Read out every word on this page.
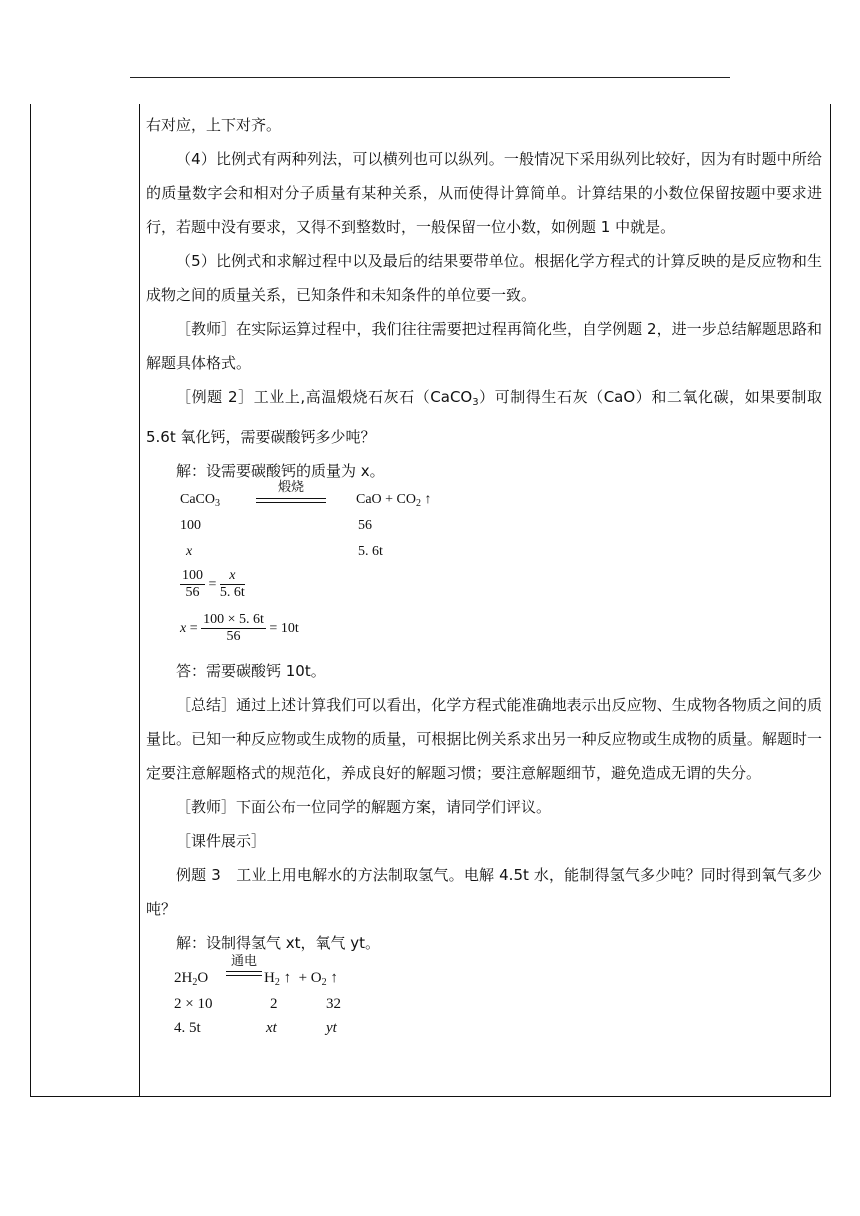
右对应，上下对齐。

（4）比例式有两种列法，可以横列也可以纵列。一般情况下采用纵列比较好，因为有时题中所给的质量数字会和相对分子质量有某种关系，从而使得计算简单。计算结果的小数位保留按题中要求进行，若题中没有要求，又得不到整数时，一般保留一位小数，如例题 1 中就是。

（5）比例式和求解过程中以及最后的结果要带单位。根据化学方程式的计算反映的是反应物和生成物之间的质量关系，已知条件和未知条件的单位要一致。

［教师］在实际运算过程中，我们往往需要把过程再简化些，自学例题 2，进一步总结解题思路和解题具体格式。

［例题 2］工业上,高温煅烧石灰石（CaCO$_3$）可制得生石灰（CaO）和二氧化碳，如果要制取 5.6t 氧化钙，需要碳酸钙多少吨？

解：设需要碳酸钙的质量为 x。

CaCO$_3$
煅烧
CaO + $CO_2$ ↑
100	56
x	5. 6t
$\frac{100}{56} = \frac{x}{5. 6t}$
$x = \frac{100 \times 5. 6t}{56} = 10t$

答：需要碳酸钙 10t。

［总结］通过上述计算我们可以看出，化学方程式能准确地表示出反应物、生成物各物质之间的质量比。已知一种反应物或生成物的质量，可根据比例关系求出另一种反应物或生成物的质量。解题时一定要注意解题格式的规范化，养成良好的解题习惯；要注意解题细节，避免造成无谓的失分。

［教师］下面公布一位同学的解题方案，请同学们评议。

［课件展示］

例题 3　工业上用电解水的方法制取氢气。电解 4.5t 水，能制得氢气多少吨？同时得到氧气多少吨？

解：设制得氢气 xt，氧气 yt。

$2H_2O$
通电
$H_2$ ↑ + $O_2$ ↑
2 × 10	2	32
4. 5t	xt	yt
